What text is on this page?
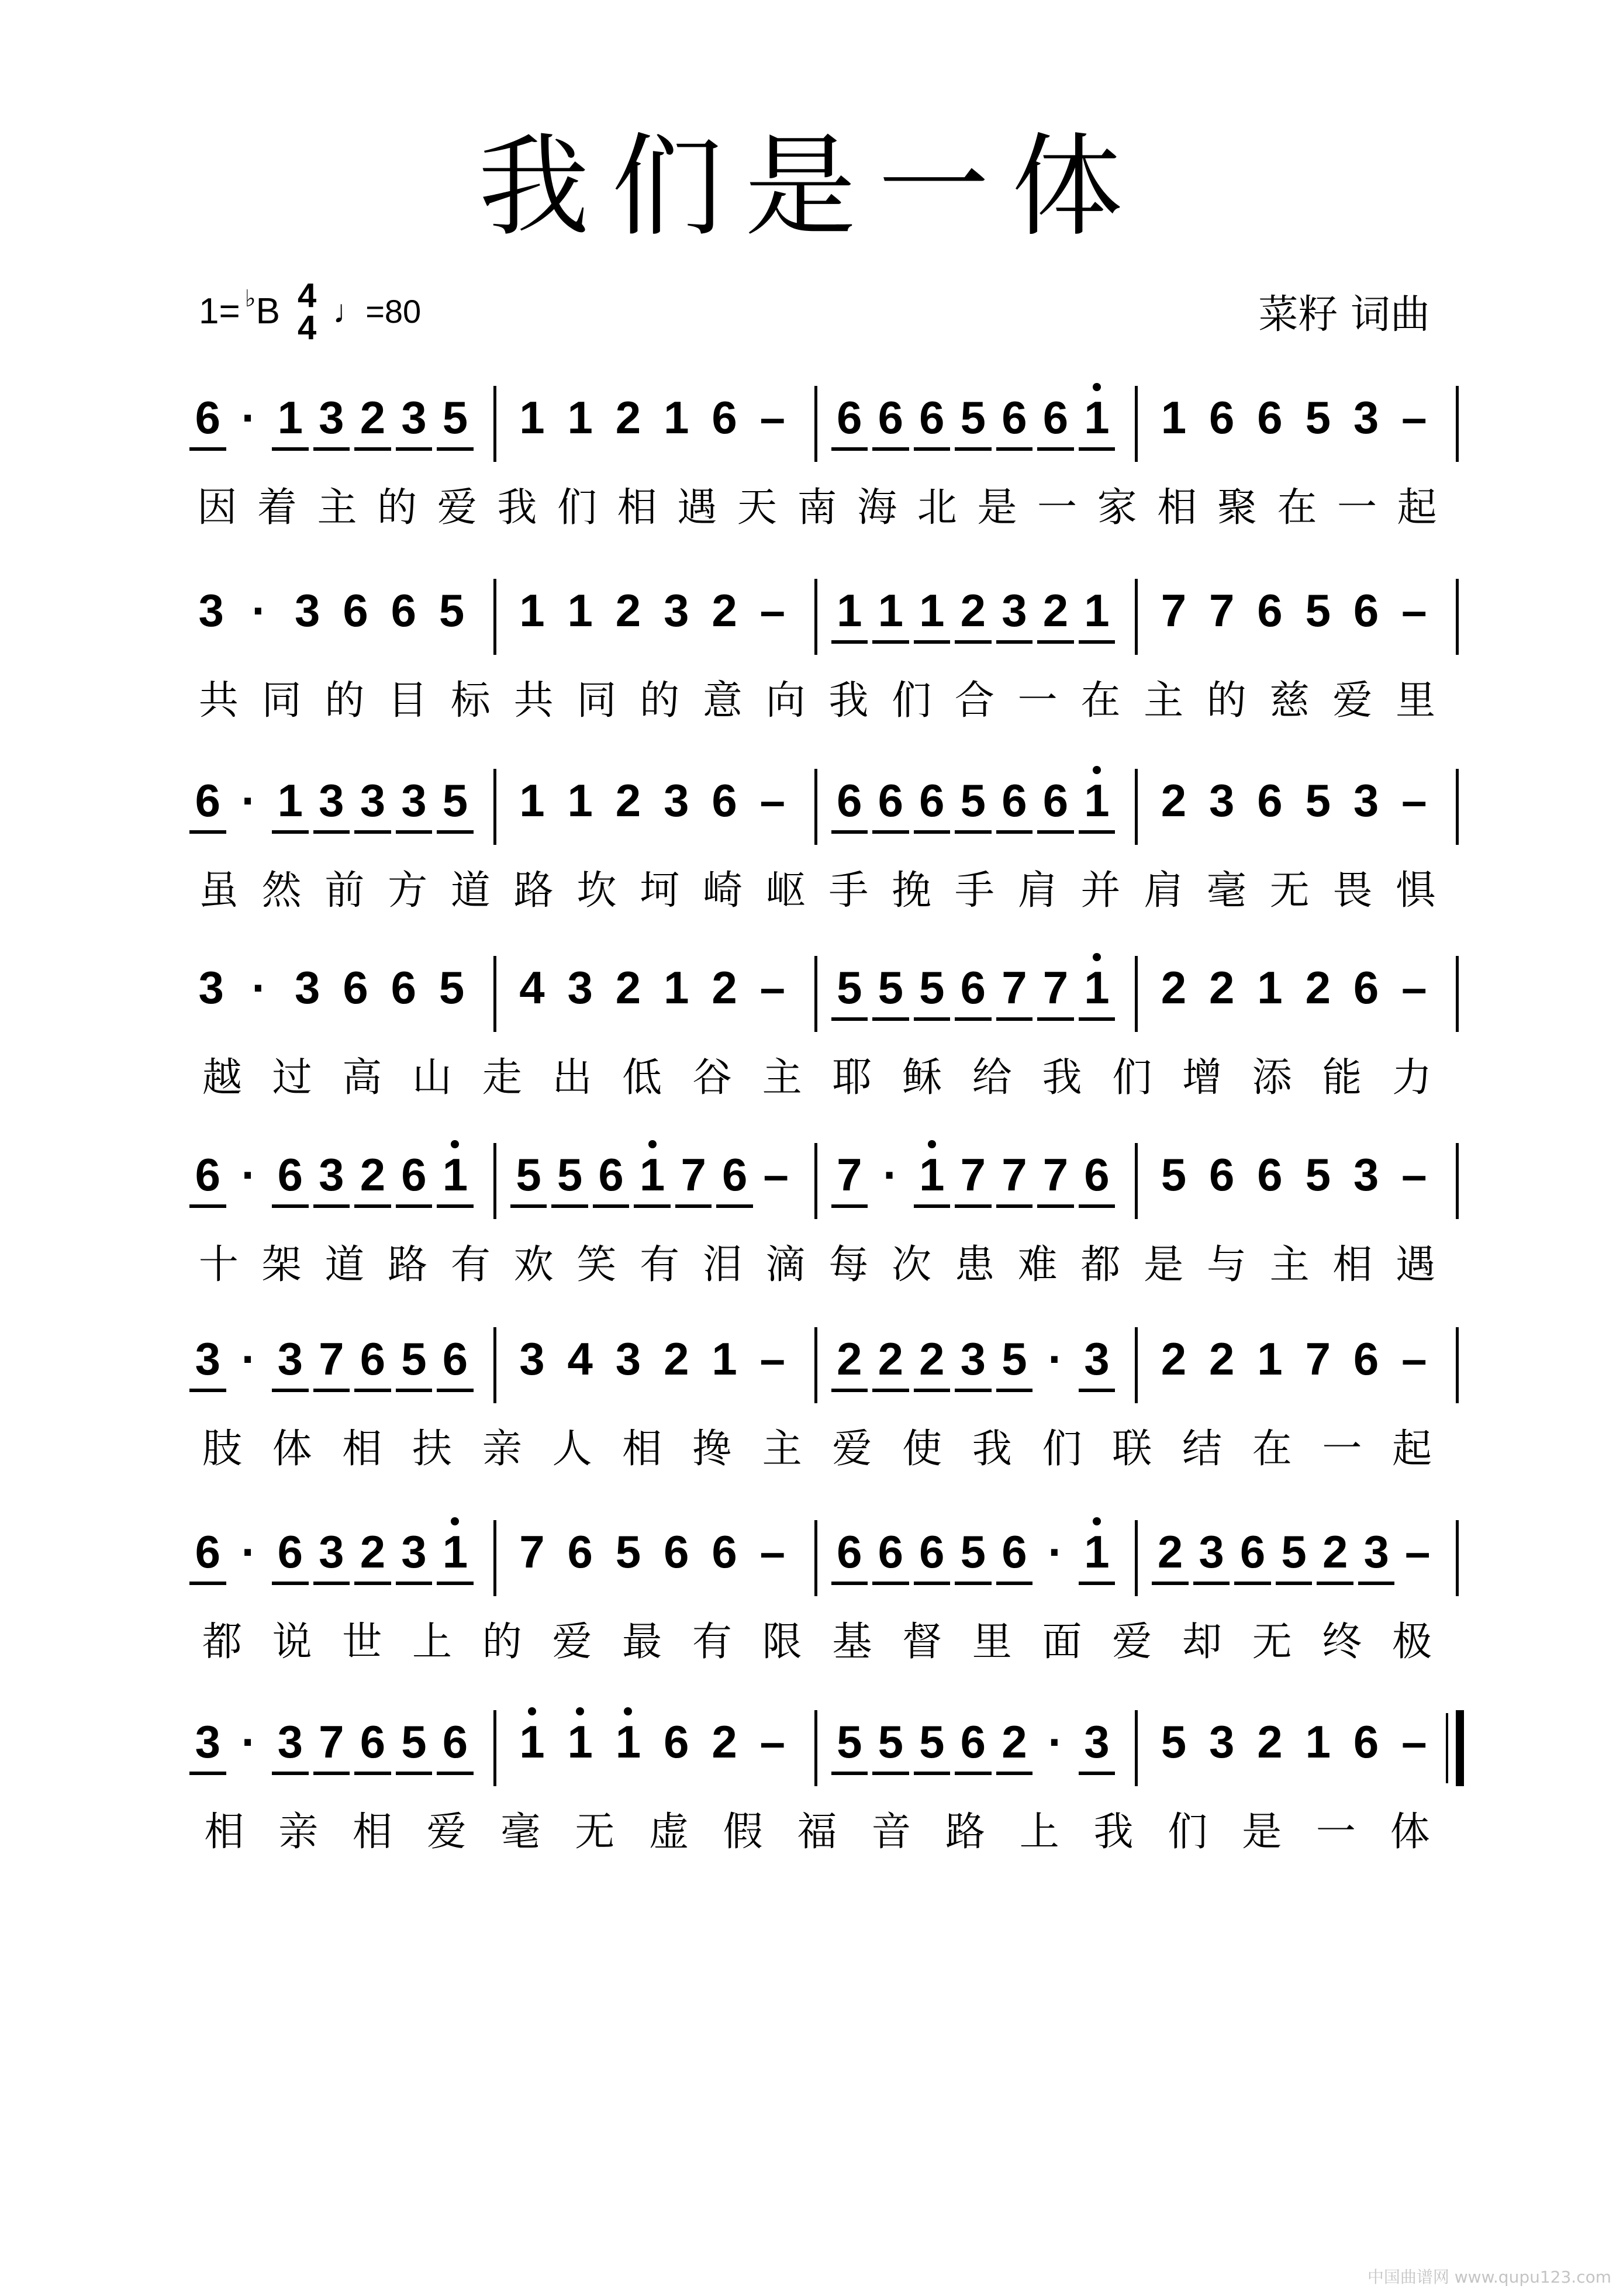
我们是一体
1= ♭ B 4
4 ♩=80	菜籽 词曲
6 · 1 3 2 3 5 1 1 2 1 6 – 6 6 6 5 6 6 1 1 6 6 5 3 –
因 着 主 的 爱 我 们 相 遇 天 南 海 北 是 一 家 相 聚 在 一 起
3 · 3 6 6 5 1 1 2 3 2 – 1 1 1 2 3 2 1 7 7 6 5 6 –
共 同 的 目 标 共 同 的 意 向 我 们 合 一 在 主 的 慈 爱 里
6 · 1 3 3 3 5 1 1 2 3 6 – 6 6 6 5 6 6 1 2 3 6 5 3 –
虽 然 前 方 道 路 坎 坷 崎 岖 手 挽 手 肩 并 肩 毫 无 畏 惧
3 · 3 6 6 5 4 3 2 1 2 – 5 5 5 6 7 7 1 2 2 1 2 6 –
越 过 高 山 走 出 低 谷 主 耶 稣 给 我 们 增 添 能 力
6 · 6 3 2 6 1 5 5 6 1 7 6 – 7 · 1 7 7 7 6 5 6 6 5 3 –
十 架 道 路 有 欢 笑 有 泪 滴 每 次 患 难 都 是 与 主 相 遇
3 · 3 7 6 5 6 3 4 3 2 1 – 2 2 2 3 5 · 3 2 2 1 7 6 –
肢 体 相 扶 亲 人 相 搀 主 爱 使 我 们 联 结 在 一 起
6 · 6 3 2 3 1 7 6 5 6 6 – 6 6 6 5 6 · 1 2 3 6 5 2 3 –
都 说 世 上 的 爱 最 有 限 基 督 里 面 爱 却 无 终 极
3 · 3 7 6 5 6 1 1 1 6 2 – 5 5 5 6 2 · 3 5 3 2 1 6 –
相 亲 相 爱 毫 无 虚 假 福 音 路 上 我 们 是 一 体
中国曲谱网 www.qupu123.com
